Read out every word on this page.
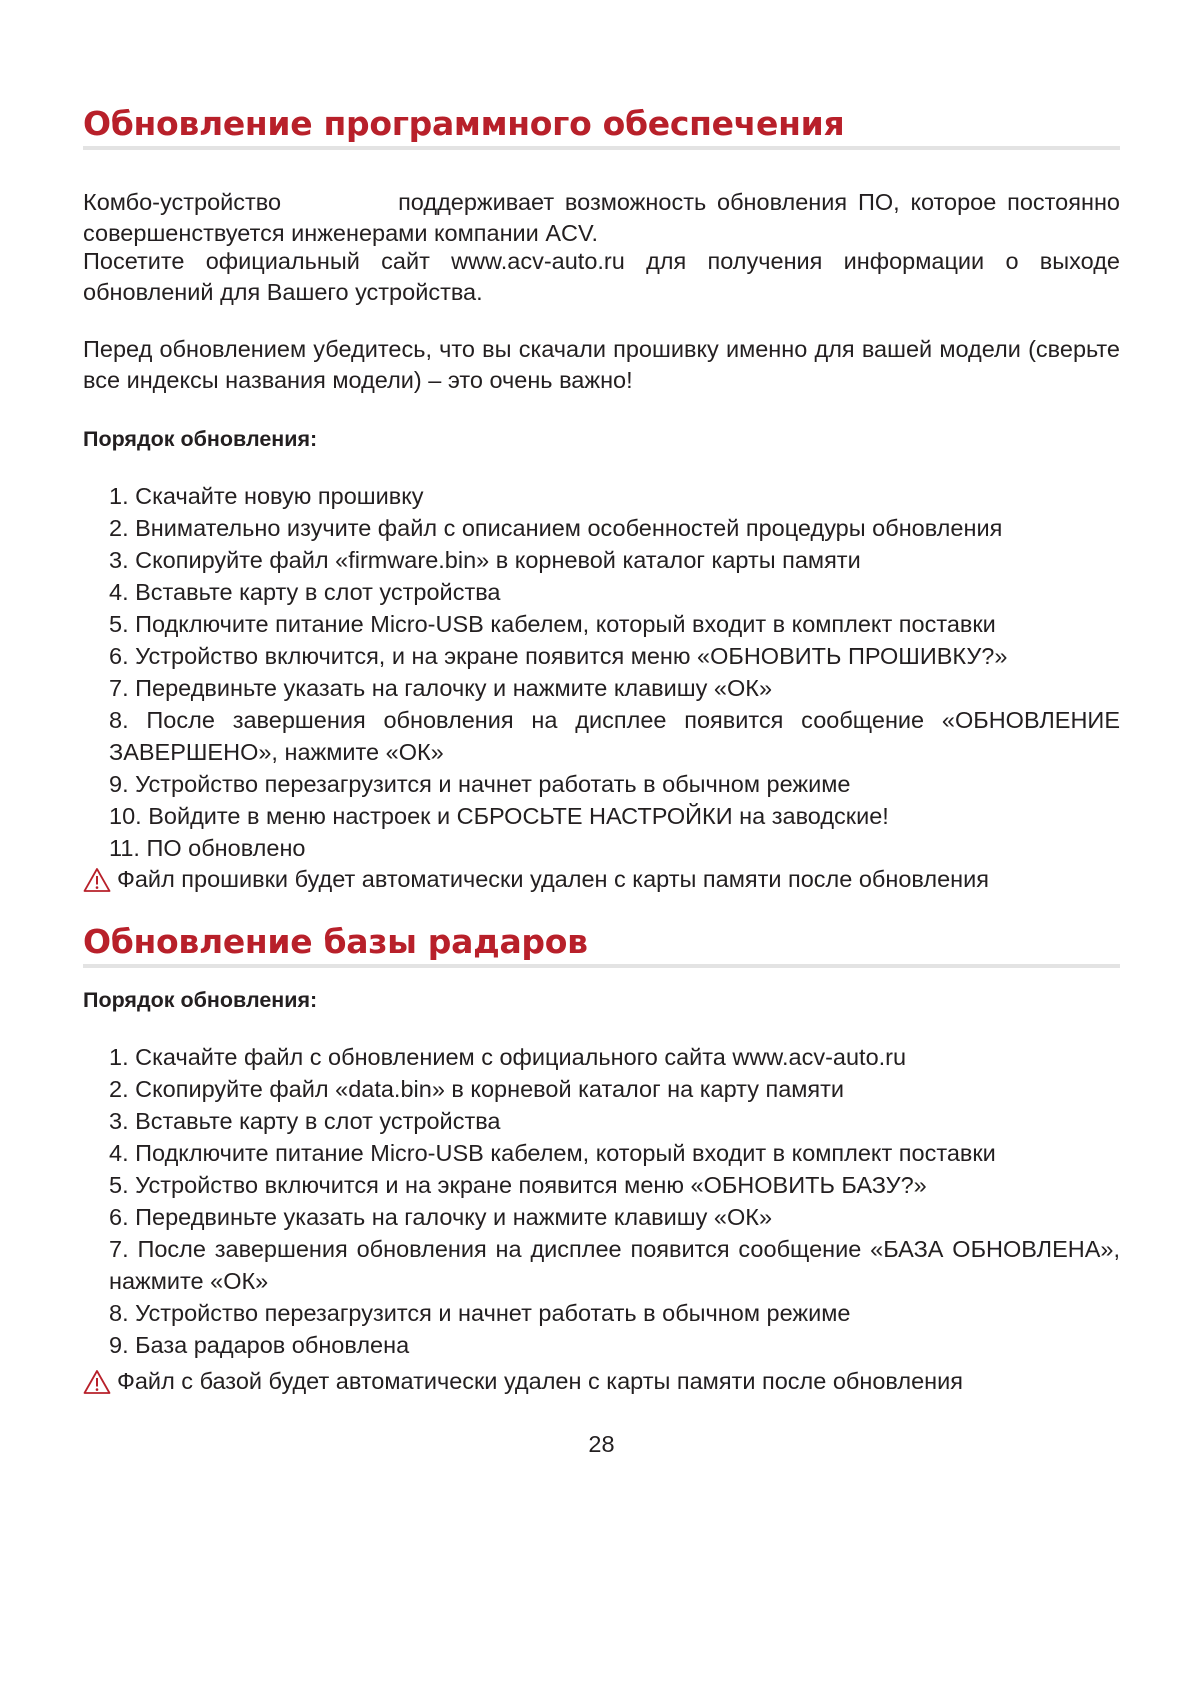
Обновление программного обеспечения

Комбо-устройство	поддерживает возможность обновления ПО, которое постоянно совершенствуется инженерами компании ACV.

Посетите официальный сайт www.acv-auto.ru для получения информации о выходе обновлений для Вашего устройства.

Перед обновлением убедитесь, что вы скачали прошивку именно для вашей модели (сверьте все индексы названия модели) – это очень важно!

Порядок обновления:

1. Скачайте новую прошивку
2. Внимательно изучите файл с описанием особенностей процедуры обновления
3. Скопируйте файл «firmware.bin» в корневой каталог карты памяти
4. Вставьте карту в слот устройства
5. Подключите питание Micro-USB кабелем, который входит в комплект поставки
6. Устройство включится, и на экране появится меню «ОБНОВИТЬ ПРОШИВКУ?»
7. Передвиньте указать на галочку и нажмите клавишу «ОК»
8. После завершения обновления на дисплее появится сообщение «ОБНОВЛЕНИЕ ЗАВЕРШЕНО», нажмите «ОК»
9. Устройство перезагрузится и начнет работать в обычном режиме
10. Войдите в меню настроек и СБРОСЬТЕ НАСТРОЙКИ на заводские!
11. ПО обновлено

Файл прошивки будет автоматически удален с карты памяти после обновления

Обновление базы радаров

Порядок обновления:

1. Скачайте файл с обновлением с официального сайта www.acv-auto.ru
2. Скопируйте файл «data.bin» в корневой каталог на карту памяти
3. Вставьте карту в слот устройства
4. Подключите питание Micro-USB кабелем, который входит в комплект поставки
5. Устройство включится и на экране появится меню «ОБНОВИТЬ БАЗУ?»
6. Передвиньте указать на галочку и нажмите клавишу «ОК»
7. После завершения обновления на дисплее появится сообщение «БАЗА ОБНОВЛЕНА», нажмите «ОК»
8. Устройство перезагрузится и начнет работать в обычном режиме
9. База радаров обновлена

Файл с базой будет автоматически удален с карты памяти после обновления

28
